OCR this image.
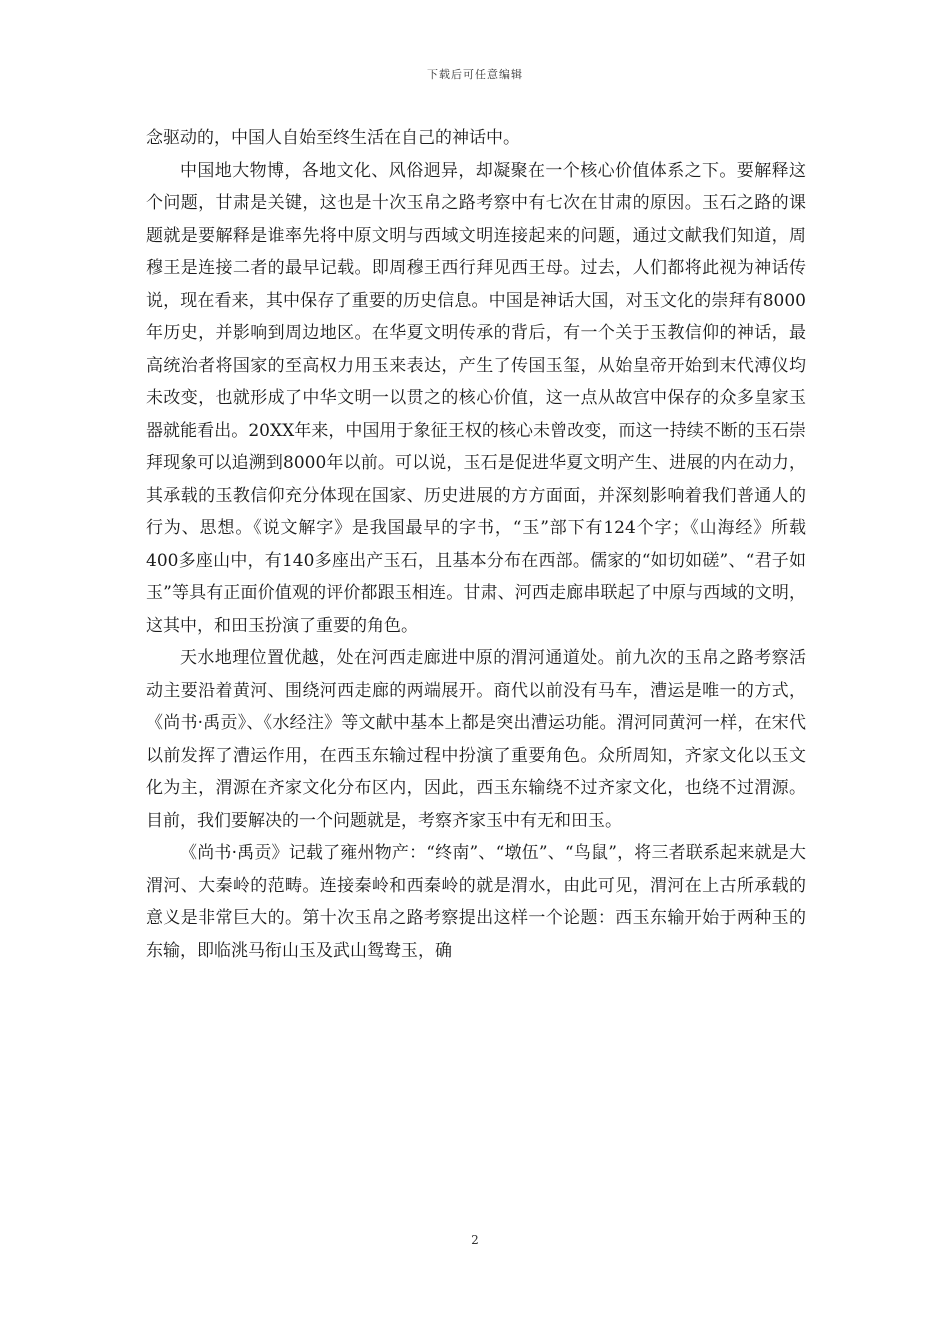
下载后可任意编辑

念驱动的，中国人自始至终生活在自己的神话中。

中国地大物博，各地文化、风俗迥异，却凝聚在一个核心价值体系之下。要解释这个问题，甘肃是关键，这也是十次玉帛之路考察中有七次在甘肃的原因。玉石之路的课题就是要解释是谁率先将中原文明与西域文明连接起来的问题，通过文献我们知道，周穆王是连接二者的最早记载。即周穆王西行拜见西王母。过去，人们都将此视为神话传说，现在看来，其中保存了重要的历史信息。中国是神话大国，对玉文化的崇拜有8000年历史，并影响到周边地区。在华夏文明传承的背后，有一个关于玉教信仰的神话，最高统治者将国家的至高权力用玉来表达，产生了传国玉玺，从始皇帝开始到末代溥仪均未改变，也就形成了中华文明一以贯之的核心价值，这一点从故宫中保存的众多皇家玉器就能看出。20XX年来，中国用于象征王权的核心未曾改变，而这一持续不断的玉石崇拜现象可以追溯到8000年以前。可以说，玉石是促进华夏文明产生、进展的内在动力，其承载的玉教信仰充分体现在国家、历史进展的方方面面，并深刻影响着我们普通人的行为、思想。《说文解字》是我国最早的字书，“玉”部下有124个字；《山海经》所载400多座山中，有140多座出产玉石，且基本分布在西部。儒家的“如切如磋”、“君子如玉”等具有正面价值观的评价都跟玉相连。甘肃、河西走廊串联起了中原与西域的文明，这其中，和田玉扮演了重要的角色。

天水地理位置优越，处在河西走廊进中原的渭河通道处。前九次的玉帛之路考察活动主要沿着黄河、围绕河西走廊的两端展开。商代以前没有马车，漕运是唯一的方式，《尚书·禹贡》、《水经注》等文献中基本上都是突出漕运功能。渭河同黄河一样，在宋代以前发挥了漕运作用，在西玉东输过程中扮演了重要角色。众所周知，齐家文化以玉文化为主，渭源在齐家文化分布区内，因此，西玉东输绕不过齐家文化，也绕不过渭源。目前，我们要解决的一个问题就是，考察齐家玉中有无和田玉。

《尚书·禹贡》记载了雍州物产：“终南”、“墩伍”、“鸟鼠”，将三者联系起来就是大渭河、大秦岭的范畴。连接秦岭和西秦岭的就是渭水，由此可见，渭河在上古所承载的意义是非常巨大的。第十次玉帛之路考察提出这样一个论题：西玉东输开始于两种玉的东输，即临洮马衔山玉及武山鸳鸯玉，确

2
